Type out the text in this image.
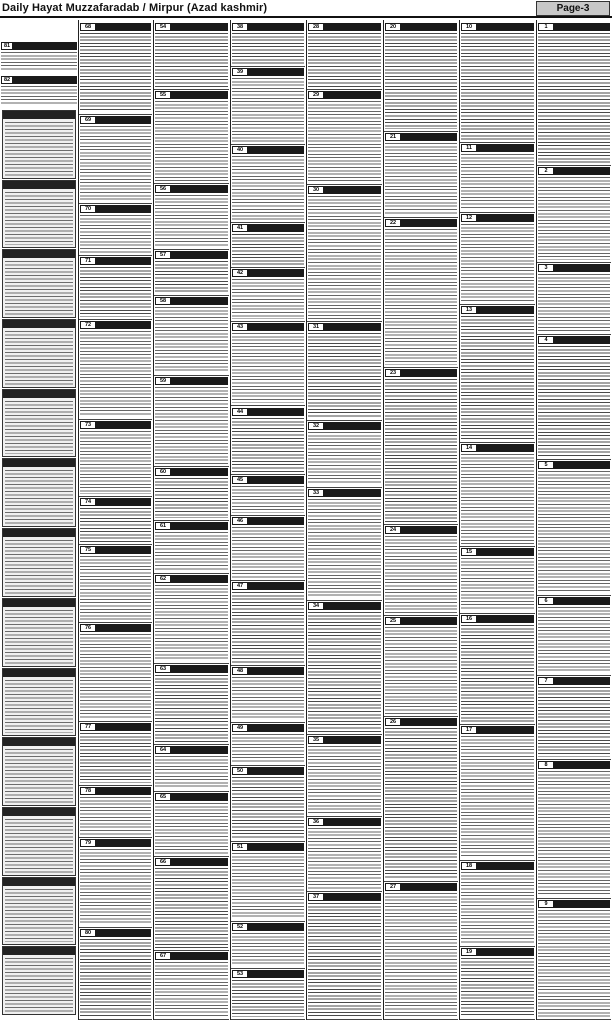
Daily Hayat Muzzafaradab / Mirpur (Azad kashmir)	Page-3
1
2
3
4
5
6
7
8
9
10
11
12
13
14
15
16
17
18
19
20
21
22
23
24
25
26
27
28
29
30
31
32
33
34
35
36
37
38
39
40
41
42
43
44
45
46
47
48
49
50
51
52
53
54
55
56
57
58
59
60
61
62
63
64
65
66
67
68
69
70
71
72
73
74
75
76
77
78
79
80
81
82
